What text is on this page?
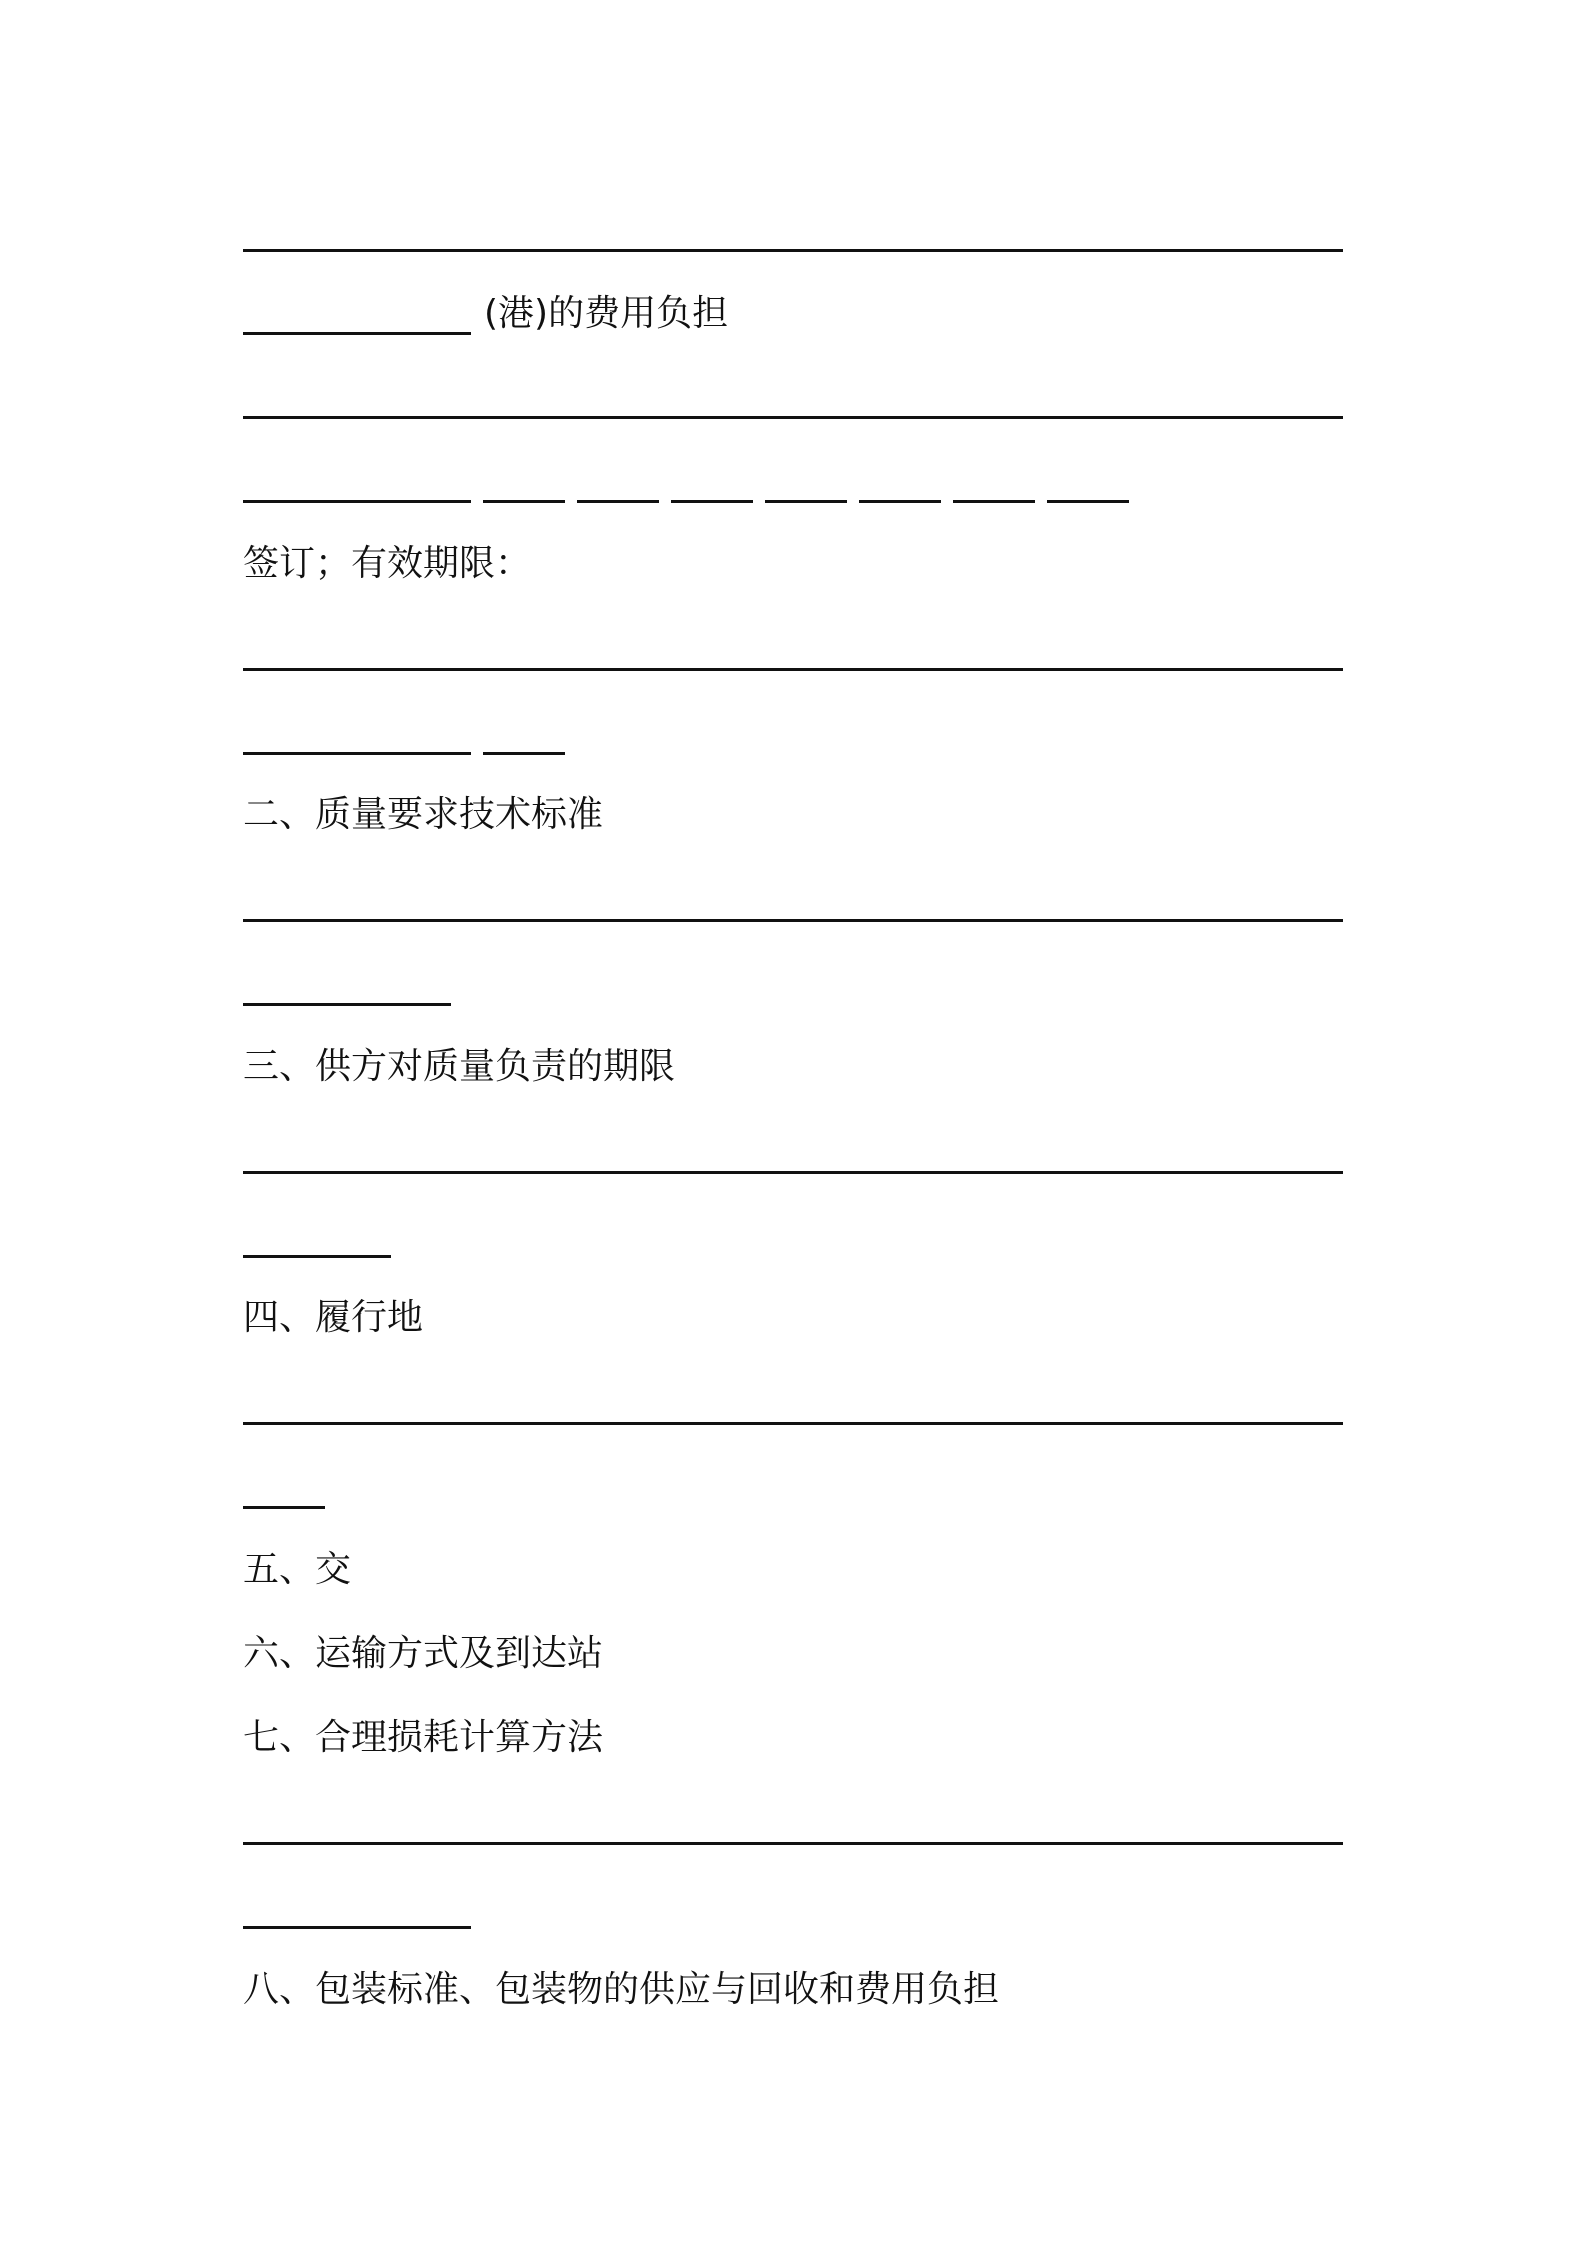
(港)的费用负担
签订；有效期限：
二、质量要求技术标准
三、供方对质量负责的期限
四、履行地
五、交
六、运输方式及到达站
七、合理损耗计算方法
八、包装标准、包装物的供应与回收和费用负担
